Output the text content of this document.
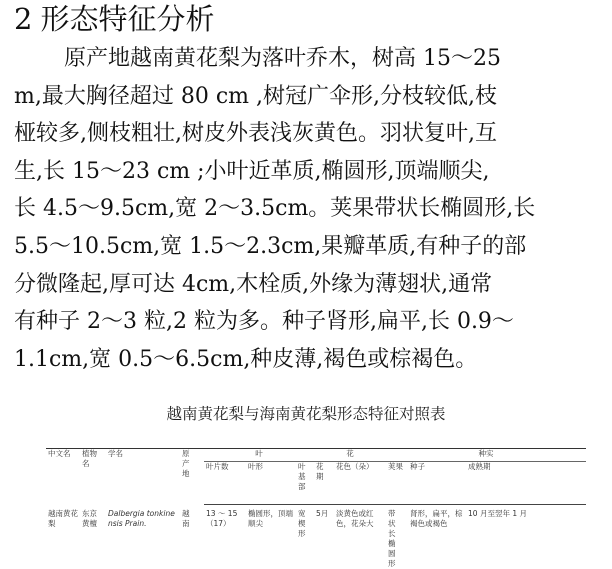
2 形态特征分析
原产地越南黄花梨为落叶乔木，树高 15～25
m,最大胸径超过 80 cm ,树冠广伞形,分枝较低,枝
桠较多,侧枝粗壮,树皮外表浅灰黄色。羽状复叶,互
生,长 15～23 cm ;小叶近革质,椭圆形,顶端顺尖,
长 4.5～9.5cm,宽 2～3.5cm。荚果带状长椭圆形,长
5.5～10.5cm,宽 1.5～2.3cm,果瓣革质,有种子的部
分微隆起,厚可达 4cm,木栓质,外缘为薄翅状,通常
有种子 2～3 粒,2 粒为多。种子肾形,扁平,长 0.9～
1.1cm,宽 0.5～6.5cm,种皮薄,褐色或棕褐色。
越南黄花梨与海南黄花梨形态特征对照表
中文名	植物名	学名	原产地	叶			花		种实		
				叶片数	叶形	叶基部	花期	花色（朵）	荚果	种子	成熟期
越南黄花梨	东京黄檀	Dalbergia tonkinensis Prain.	越南	13 ～ 15（17）	椭圆形，顶端顺尖	宽楔形	5月	淡黄色或红色，花朵大	带状长椭圆形	肾形，扁平，棕褐色或褐色	10 月至翌年 1 月
